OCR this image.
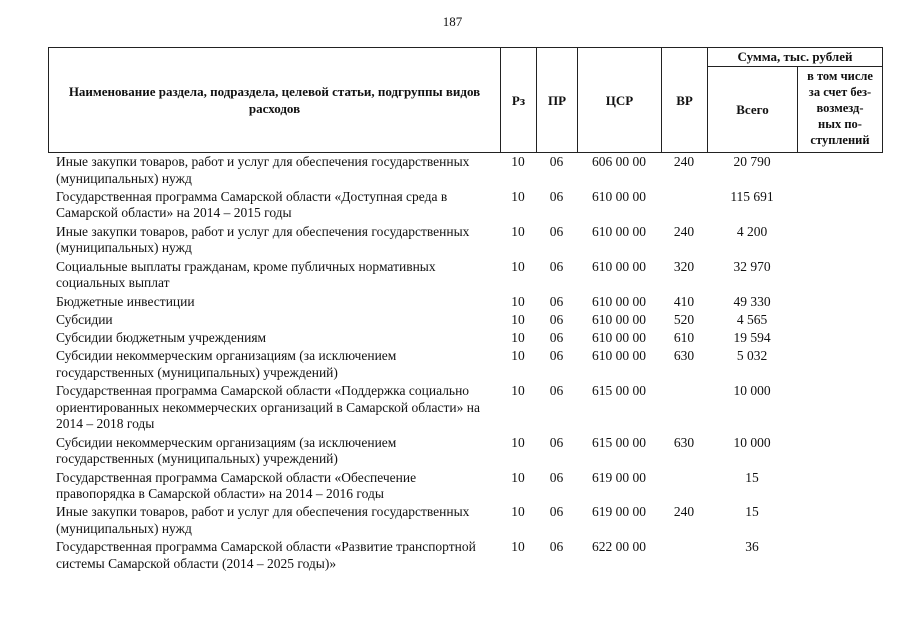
187
Наименование раздела, подраздела, целевой статьи, подгруппы видов расходов	Рз	ПР	ЦСР	ВР	Сумма, тыс. рублей	
					Всего	в том числе
за счет без-
возмезд-
ных по-
ступлений
Иные закупки товаров, работ и услуг для обеспечения государственных (муниципальных) нужд	10	06	606 00 00	240	20 790	
Государственная программа Самарской области «Доступная среда в Самарской области» на 2014 – 2015 годы	10	06	610 00 00		115 691	
Иные закупки товаров, работ и услуг для обеспечения государственных (муниципальных) нужд	10	06	610 00 00	240	4 200	
Социальные выплаты гражданам, кроме публичных нормативных социальных выплат	10	06	610 00 00	320	32 970	
Бюджетные инвестиции	10	06	610 00 00	410	49 330	
Субсидии	10	06	610 00 00	520	4 565	
Субсидии бюджетным учреждениям	10	06	610 00 00	610	19 594	
Субсидии некоммерческим организациям (за исключением государственных (муниципальных) учреждений)	10	06	610 00 00	630	5 032	
Государственная программа Самарской области «Поддержка социально ориентированных некоммерческих организаций в Самарской области» на 2014 – 2018 годы	10	06	615 00 00		10 000	
Субсидии некоммерческим организациям (за исключением государственных (муниципальных) учреждений)	10	06	615 00 00	630	10 000	
Государственная программа Самарской области «Обеспечение правопорядка в Самарской области» на 2014 – 2016 годы	10	06	619 00 00		15	
Иные закупки товаров, работ и услуг для обеспечения государственных (муниципальных) нужд	10	06	619 00 00	240	15	
Государственная программа Самарской области «Развитие транспортной системы Самарской области (2014 – 2025 годы)»	10	06	622 00 00		36	
